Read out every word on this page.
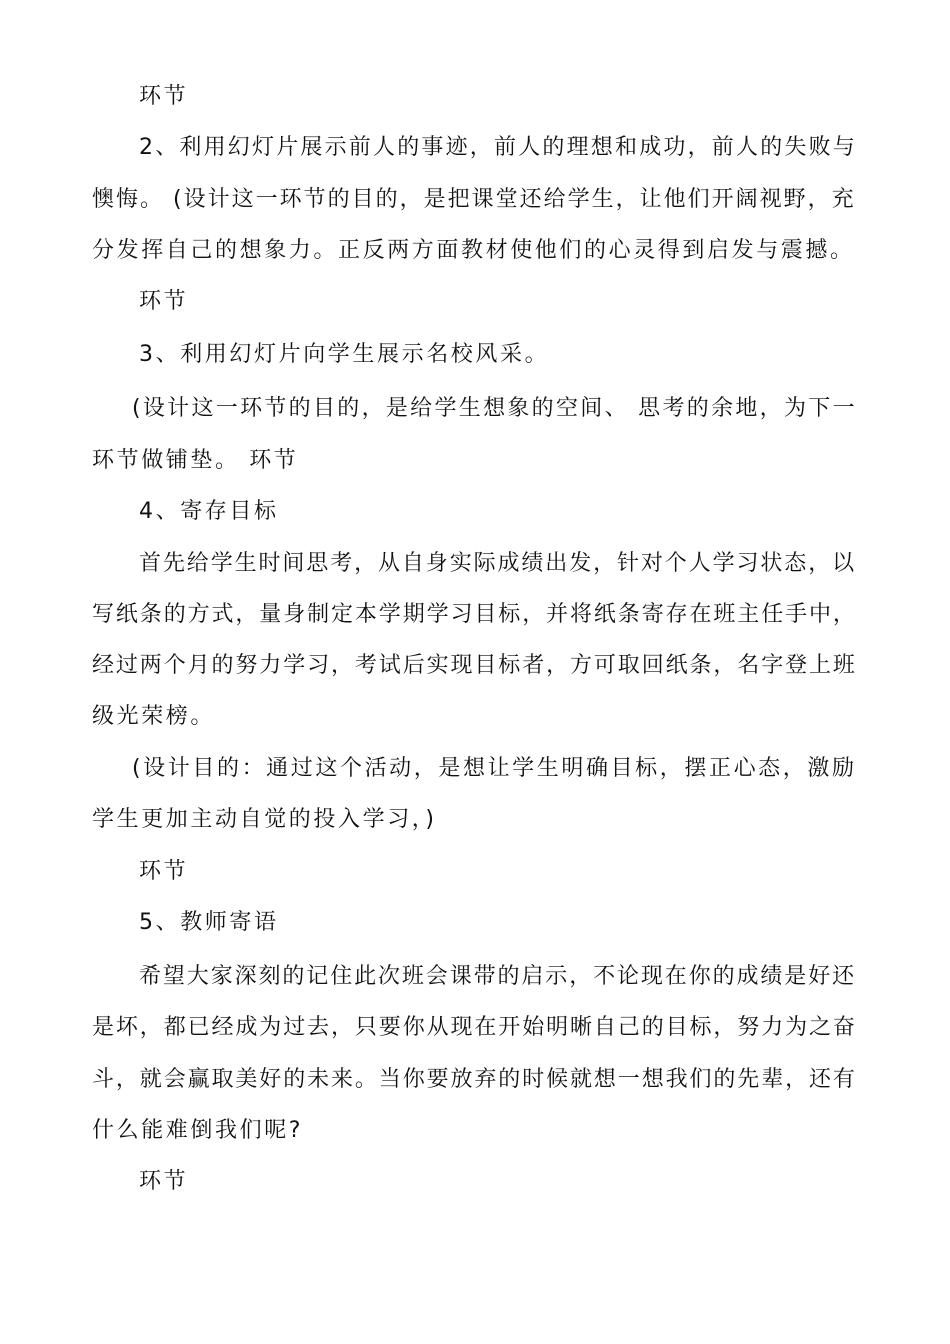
环节
2、利用幻灯片展示前人的事迹，前人的理想和成功，前人的失败与
懊悔。 (设计这一环节的目的，是把课堂还给学生，让他们开阔视野，充
分发挥自己的想象力。正反两方面教材使他们的心灵得到启发与震撼。
环节
3、利用幻灯片向学生展示名校风采。
(设计这一环节的目的，是给学生想象的空间、 思考的余地，为下一
环节做铺垫。 环节
4、寄存目标
首先给学生时间思考，从自身实际成绩出发，针对个人学习状态，以
写纸条的方式，量身制定本学期学习目标，并将纸条寄存在班主任手中，
经过两个月的努力学习，考试后实现目标者，方可取回纸条，名字登上班
级光荣榜。
(设计目的：通过这个活动，是想让学生明确目标，摆正心态，激励
学生更加主动自觉的投入学习，)
环节
5、教师寄语
希望大家深刻的记住此次班会课带的启示，不论现在你的成绩是好还
是坏，都已经成为过去，只要你从现在开始明晰自己的目标，努力为之奋
斗，就会赢取美好的未来。当你要放弃的时候就想一想我们的先辈，还有
什么能难倒我们呢?
环节
